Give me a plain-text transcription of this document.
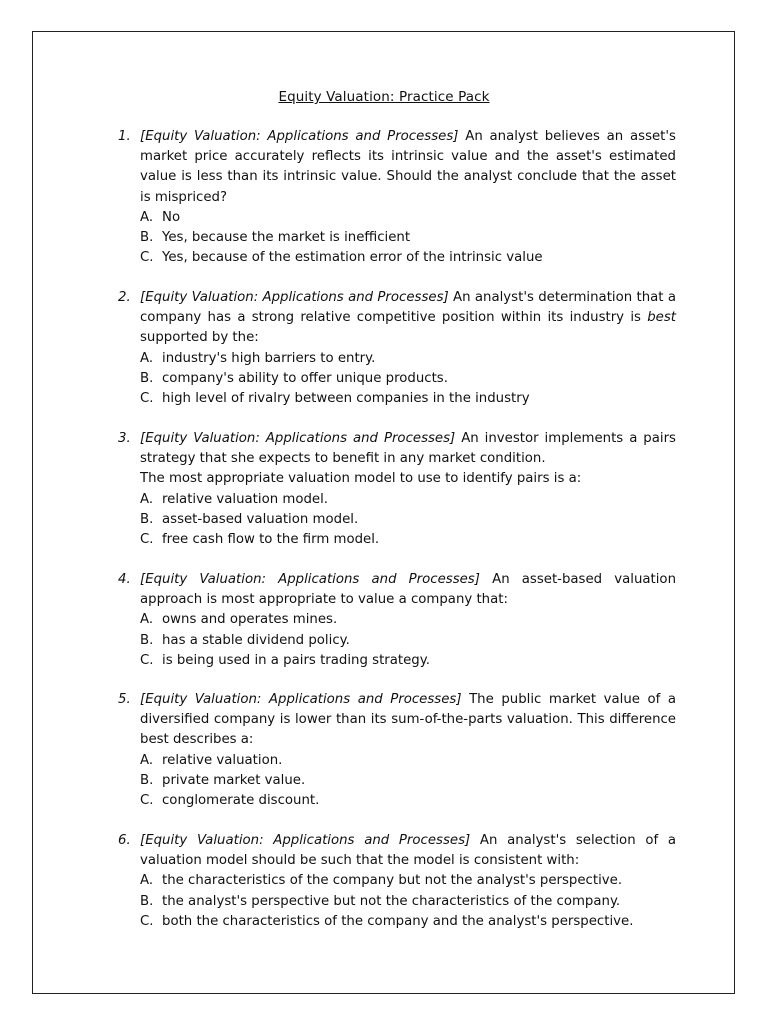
Equity Valuation: Practice Pack
1. [Equity Valuation: Applications and Processes] An analyst believes an asset's market price accurately reflects its intrinsic value and the asset's estimated value is less than its intrinsic value. Should the analyst conclude that the asset is mispriced?
A. No
B. Yes, because the market is inefficient
C. Yes, because of the estimation error of the intrinsic value
2. [Equity Valuation: Applications and Processes] An analyst's determination that a company has a strong relative competitive position within its industry is best supported by the:
A. industry's high barriers to entry.
B. company's ability to offer unique products.
C. high level of rivalry between companies in the industry
3. [Equity Valuation: Applications and Processes] An investor implements a pairs strategy that she expects to benefit in any market condition.
The most appropriate valuation model to use to identify pairs is a:
A. relative valuation model.
B. asset-based valuation model.
C. free cash flow to the firm model.
4. [Equity Valuation: Applications and Processes] An asset-based valuation approach is most appropriate to value a company that:
A. owns and operates mines.
B. has a stable dividend policy.
C. is being used in a pairs trading strategy.
5. [Equity Valuation: Applications and Processes] The public market value of a diversified company is lower than its sum-of-the-parts valuation. This difference best describes a:
A. relative valuation.
B. private market value.
C. conglomerate discount.
6. [Equity Valuation: Applications and Processes] An analyst's selection of a valuation model should be such that the model is consistent with:
A. the characteristics of the company but not the analyst's perspective.
B. the analyst's perspective but not the characteristics of the company.
C. both the characteristics of the company and the analyst's perspective.
